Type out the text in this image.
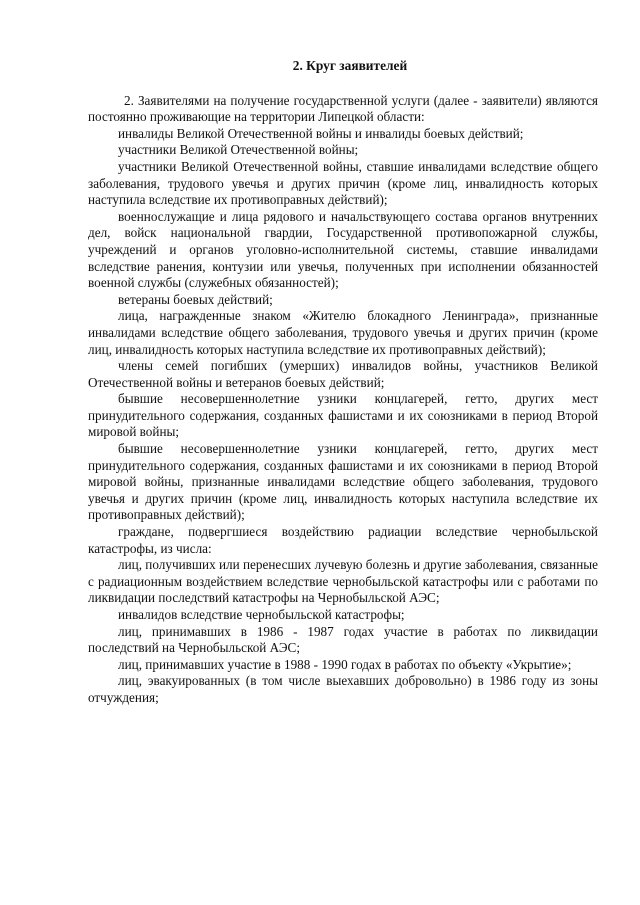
2. Круг заявителей

2. Заявителями на получение государственной услуги (далее - заявители) являются постоянно проживающие на территории Липецкой области:

инвалиды Великой Отечественной войны и инвалиды боевых действий;

участники Великой Отечественной войны;

участники Великой Отечественной войны, ставшие инвалидами вследствие общего заболевания, трудового увечья и других причин (кроме лиц, инвалидность которых наступила вследствие их противоправных действий);

военнослужащие и лица рядового и начальствующего состава органов внутренних дел, войск национальной гвардии, Государственной противопожарной службы, учреждений и органов уголовно-исполнительной системы, ставшие инвалидами вследствие ранения, контузии или увечья, полученных при исполнении обязанностей военной службы (служебных обязанностей);

ветераны боевых действий;

лица, награжденные знаком «Жителю блокадного Ленинграда», признанные инвалидами вследствие общего заболевания, трудового увечья и других причин (кроме лиц, инвалидность которых наступила вследствие их противоправных действий);

члены семей погибших (умерших) инвалидов войны, участников Великой Отечественной войны и ветеранов боевых действий;

бывшие несовершеннолетние узники концлагерей, гетто, других мест принудительного содержания, созданных фашистами и их союзниками в период Второй мировой войны;

бывшие несовершеннолетние узники концлагерей, гетто, других мест принудительного содержания, созданных фашистами и их союзниками в период Второй мировой войны, признанные инвалидами вследствие общего заболевания, трудового увечья и других причин (кроме лиц, инвалидность которых наступила вследствие их противоправных действий);

граждане, подвергшиеся воздействию радиации вследствие чернобыльской катастрофы, из числа:

лиц, получивших или перенесших лучевую болезнь и другие заболевания, связанные с радиационным воздействием вследствие чернобыльской катастрофы или с работами по ликвидации последствий катастрофы на Чернобыльской АЭС;

инвалидов вследствие чернобыльской катастрофы;

лиц, принимавших в 1986 - 1987 годах участие в работах по ликвидации последствий на Чернобыльской АЭС;

лиц, принимавших участие в 1988 - 1990 годах в работах по объекту «Укрытие»;

лиц, эвакуированных (в том числе выехавших добровольно) в 1986 году из зоны отчуждения;
